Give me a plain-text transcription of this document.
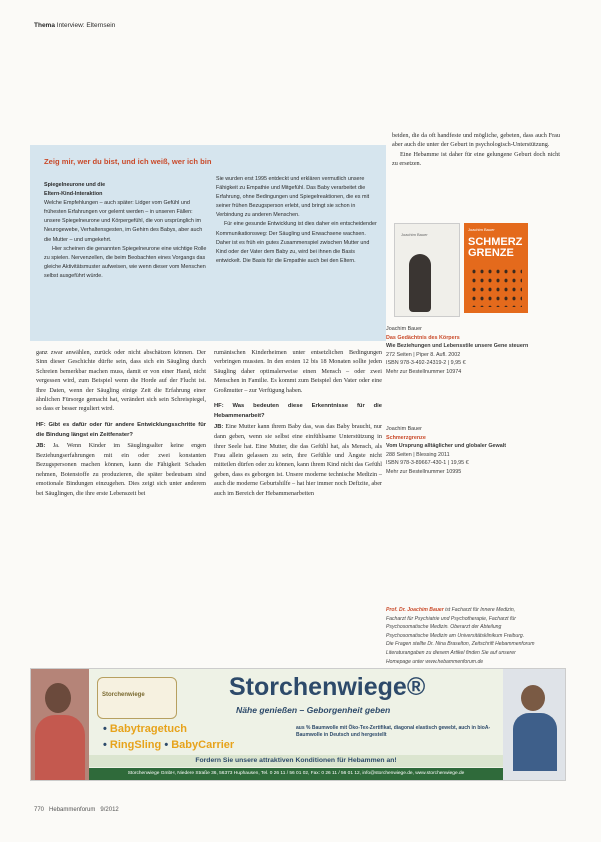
Thema Interview: Elternsein
Zeig mir, wer du bist, und ich weiß, wer ich bin
Spiegelneurone und die
Eltern-Kind-Interaktion

Welche Empfehlungen – auch später: Lidger vom Gefühl und frühesten Erfahrungen vor gelernt werden – in unseren Fällen: unsere Spiegelneurone und Körpergefühl, die von ursprünglich im Neurogewebe, Verhaltensgesten, im Gehirn des Babys, aber auch die Mutter – und umgekehrt.

Hier scheinen die genannten Spiegelneurone eine wichtige Rolle zu spielen. Nervenzellen, die beim Beobachten eines Vorgangs das gleiche Aktivitätsmuster aufweisen, wie wenn dieser vom Menschen selbst ausgeführt würde.

Sie wurden erst 1995 entdeckt und erklären vermutlich unsere Fähigkeit zu Empathie und Mitgefühl. Das Baby verarbeitet die Erfahrung, ohne Bedingungen und Spiegelreaktionen, die es mit seiner frühen Bezugsperson erlebt, und bringt sie schon in Verbindung zu anderen Menschen.

Für eine gesunde Entwicklung ist dies daher ein entscheidender Kommunikationsweg: Der Säugling und Erwachsene wachsen. Daher ist es früh ein gutes Zusammenspiel zwischen Mutter und Kind oder der Vater dem Baby zu, wird bei ihnen die Basis entwickelt. Die Basis für die Empathie auch bei den Eltern.

beiden, die da oft handfeste und mögliche, gebeten, dass auch Frau aber auch die unter der Geburt in psychologisch-Unterstützung.

Eine Hebamme ist daher für eine gelungene Geburt doch nicht zu ersetzen.

ganz zwar anwählen, zurück oder nicht abschätzen können. Der Sinn dieser Geschichte dürfte sein, dass sich ein Säugling durch Schreien bemerkbar machen muss, damit er von einer Hand, nicht vergessen wird, zum Beispiel wenn die Horde auf der Flucht ist. Ihre Daten, wenn der Säugling einige Zeit die Erfahrung einer ähnlichen Fürsorge gemacht hat, verändert sich sein Schreispiegel, so dass er besser reguliert wird.

HF: Gibt es dafür oder für andere Entwicklungsschritte für die Bindung längst ein Zeitfenster?

JB: Ja. Wenn Kinder im Säuglingsalter keine engen Beziehungserfahrungen mit ein oder zwei konstanten Bezugspersonen machen können, kann die Fähigkeit Schaden nehmen, Botenstoffe zu produzieren, die später bedeutsam sind emotionale Bindungen einzugehen. Dies zeigt sich unter anderem bei Säuglingen, die ihre erste Lebenszeit bei

rumänischen Kinderheimen unter entsetzlichen Bedingungen verbringen mussten. In den ersten 12 bis 18 Monaten sollte jeden Säugling daher optimalerweise einen Mensch – oder zwei Menschen in Familie. Es kommt zum Beispiel den Vater oder eine Großmutter – zur Verfügung haben.

HF: Was bedeuten diese Erkenntnisse für die Hebammenarbeit?

JB: Eine Mutter kann ihrem Baby das, was das Baby braucht, nur dann geben, wenn sie selbst eine einfühlsame Unterstützung in ihrer Seele hat. Eine Mutter, die das Gefühl hat, als Mensch, als Frau allein gelassen zu sein, ihre Gefühle und Ängste nicht mitteilen dürfen oder zu können, kann ihrem Kind nicht das Gefühl geben, dass es geborgen ist. Unsere moderne technische Medizin – auch die moderne Geburtshilfe – hat hier immer noch Defizite, aber auch im Bereich der Hebammenarbeiten

Joachim Bauer
Joachim Bauer
SCHMERZ GRENZE
Joachim Bauer
Das Gedächtnis des Körpers
Wie Beziehungen und Lebensstile unsere Gene steuern
272 Seiten | Piper 8. Aufl. 2002
ISBN 978-3-492-24319-2 | 9,95 €
Mehr zur Bestellnummer 10974
Joachim Bauer
Schmerzgrenze
Vom Ursprung alltäglicher und globaler Gewalt
288 Seiten | Blessing 2011
ISBN 978-3-89667-430-1 | 19,95 €
Mehr zur Bestellnummer 10995
Prof. Dr. Joachim Bauer ist Facharzt für Innere Medizin, Facharzt für Psychiatrie und Psychotherapie, Facharzt für Psychosomatische Medizin. Oberarzt der Abteilung Psychosomatische Medizin am Universitätsklinikum Freiburg.
Die Fragen stellte Dr. Nina Braselton, Zeitschrift Hebammenforum
Literaturangaben zu diesem Artikel finden Sie auf unserer Homepage unter www.hebammenforum.de
Storchenwiege	Storchenwiege®
Nähe genießen – Geborgenheit geben
• Babytragetuch
• RingSling • BabyCarrier
aus % Baumwolle mit Öko-Tex-Zertifikat, diagonal elastisch gewebt, auch in bioA-Baumwolle in Deutsch und hergestellt
Fordern Sie unsere attraktiven Konditionen für Hebammen an!
Storchenwiege GmbH, Niedere Straße 36, 56373 Huphausen, Tel. 0 26 11 / 56 01 02, Fax: 0 26 11 / 56 01 12, info@storchenwiege.de, www.storchenwiege.de
770 Hebammenforum 9/2012
